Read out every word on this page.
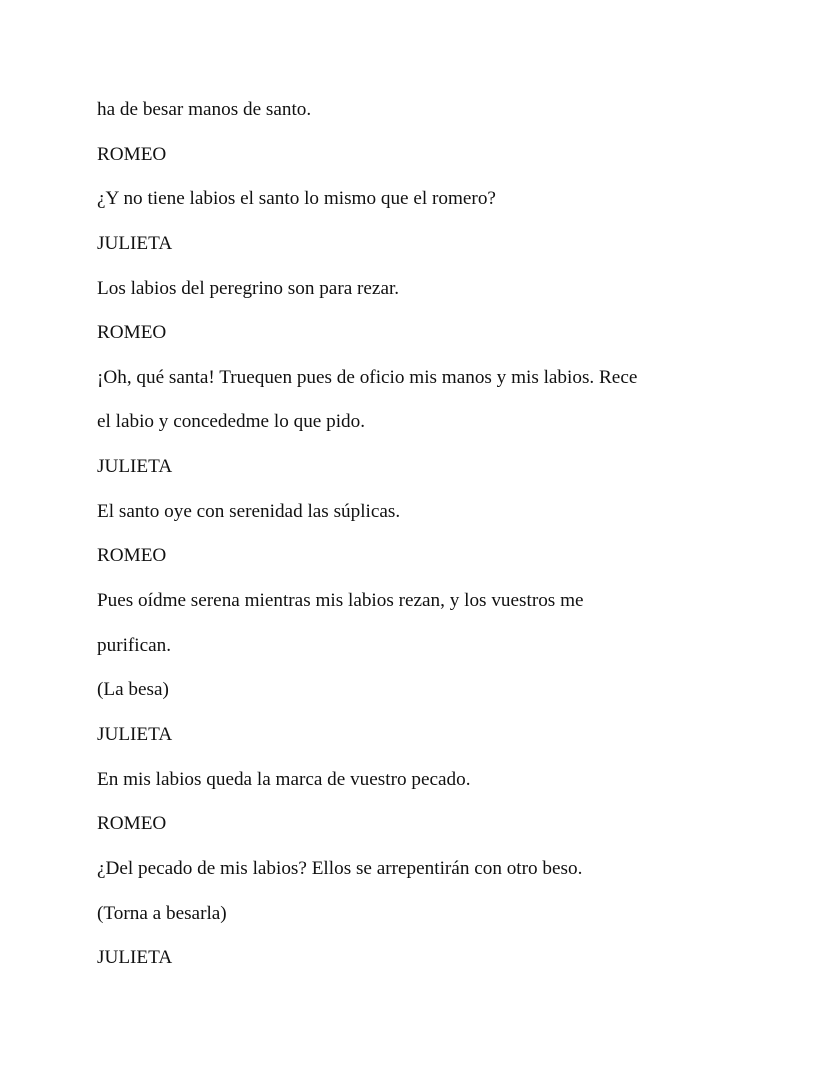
ha de besar manos de santo.
ROMEO
¿Y no tiene labios el santo lo mismo que el romero?
JULIETA
Los labios del peregrino son para rezar.
ROMEO
¡Oh, qué santa! Truequen pues de oficio mis manos y mis labios. Rece
el labio y concededme lo que pido.
JULIETA
El santo oye con serenidad las súplicas.
ROMEO
Pues oídme serena mientras mis labios rezan, y los vuestros me
purifican.
(La besa)
JULIETA
En mis labios queda la marca de vuestro pecado.
ROMEO
¿Del pecado de mis labios? Ellos se arrepentirán con otro beso.
(Torna a besarla)
JULIETA
